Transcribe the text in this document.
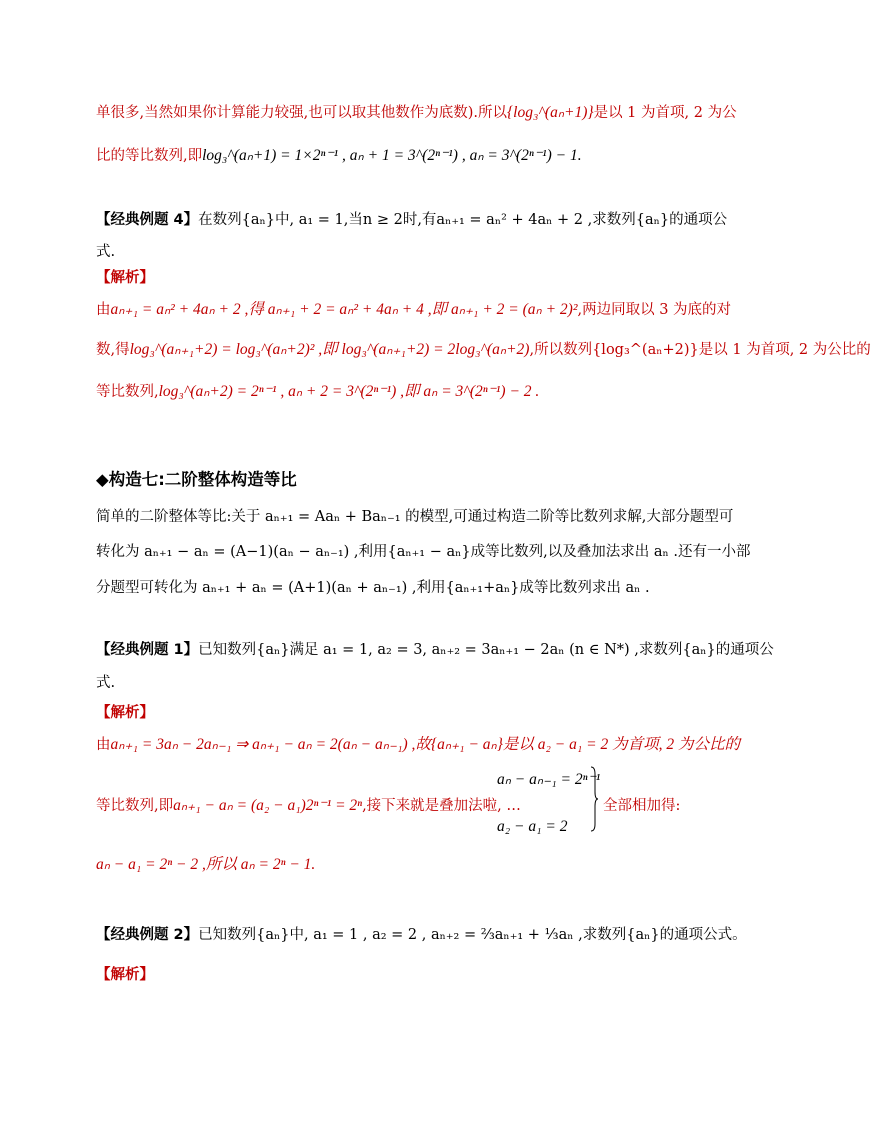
单很多,当然如果你计算能力较强,也可以取其他数作为底数).所以{log₃^(aₙ+1)}是以 1 为首项, 2 为公
比的等比数列,即log₃^(aₙ+1) = 1×2ⁿ⁻¹ , aₙ + 1 = 3^(2ⁿ⁻¹) , aₙ = 3^(2ⁿ⁻¹) − 1.
【经典例题 4】在数列{aₙ}中, a₁ = 1,当n ≥ 2时,有aₙ₊₁ = aₙ² + 4aₙ + 2 ,求数列{aₙ}的通项公
式.
【解析】
由aₙ₊₁ = aₙ² + 4aₙ + 2 ,得 aₙ₊₁ + 2 = aₙ² + 4aₙ + 4 ,即 aₙ₊₁ + 2 = (aₙ + 2)²,两边同取以 3 为底的对
数,得log₃^(aₙ₊₁+2) = log₃^(aₙ+2)² ,即 log₃^(aₙ₊₁+2) = 2log₃^(aₙ+2),所以数列{log₃^(aₙ+2)}是以 1 为首项, 2 为公比的
等比数列,log₃^(aₙ+2) = 2ⁿ⁻¹ , aₙ + 2 = 3^(2ⁿ⁻¹) ,即 aₙ = 3^(2ⁿ⁻¹) − 2 .
◆构造七:二阶整体构造等比
简单的二阶整体等比:关于 aₙ₊₁ = Aaₙ + Baₙ₋₁ 的模型,可通过构造二阶等比数列求解,大部分题型可
转化为 aₙ₊₁ − aₙ = (A−1)(aₙ − aₙ₋₁) ,利用{aₙ₊₁ − aₙ}成等比数列,以及叠加法求出 aₙ .还有一小部
分题型可转化为 aₙ₊₁ + aₙ = (A+1)(aₙ + aₙ₋₁) ,利用{aₙ₊₁+aₙ}成等比数列求出 aₙ .
【经典例题 1】已知数列{aₙ}满足 a₁ = 1, a₂ = 3, aₙ₊₂ = 3aₙ₊₁ − 2aₙ (n ∈ N*) ,求数列{aₙ}的通项公
式.
【解析】
由aₙ₊₁ = 3aₙ − 2aₙ₋₁ ⇒ aₙ₊₁ − aₙ = 2(aₙ − aₙ₋₁) ,故{aₙ₊₁ − aₙ}是以 a₂ − a₁ = 2 为首项, 2 为公比的
等比数列,即aₙ₊₁ − aₙ = (a₂ − a₁)2ⁿ⁻¹ = 2ⁿ,接下来就是叠加法啦, …
aₙ − aₙ₋₁ = 2ⁿ⁻¹
a₂ − a₁ = 2
全部相加得:
aₙ − a₁ = 2ⁿ − 2 ,所以 aₙ = 2ⁿ − 1.
【经典例题 2】已知数列{aₙ}中, a₁ = 1 , a₂ = 2 , aₙ₊₂ = ⅔aₙ₊₁ + ⅓aₙ ,求数列{aₙ}的通项公式。
【解析】
